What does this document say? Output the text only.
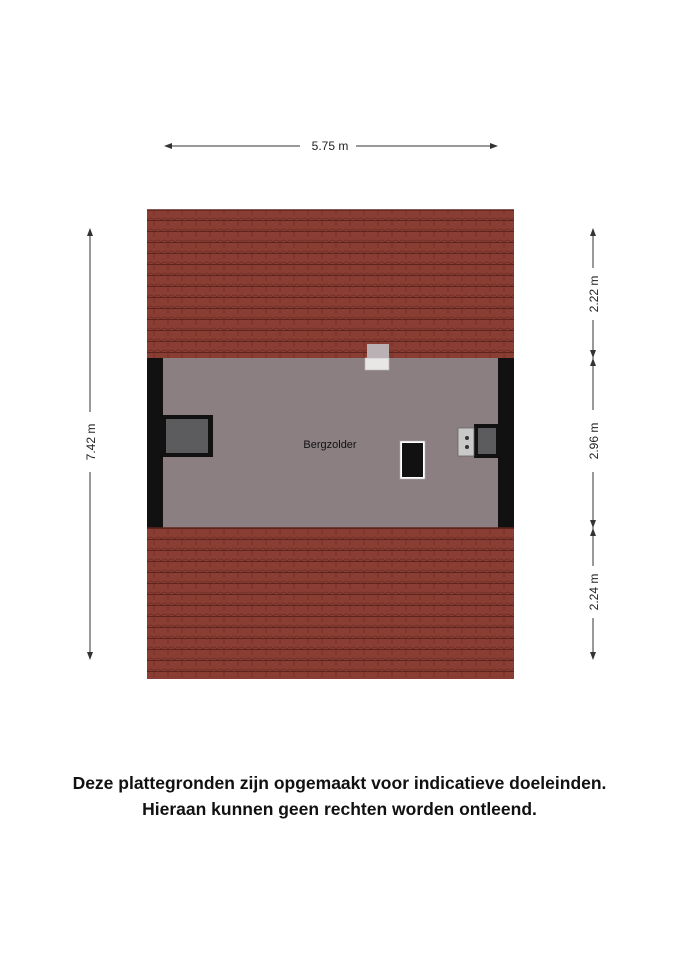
5.75 m
7.42 m
2.22 m
2.96 m
2.24 m
Bergzolder
Deze plattegronden zijn opgemaakt voor indicatieve doeleinden.
Hieraan kunnen geen rechten worden ontleend.
